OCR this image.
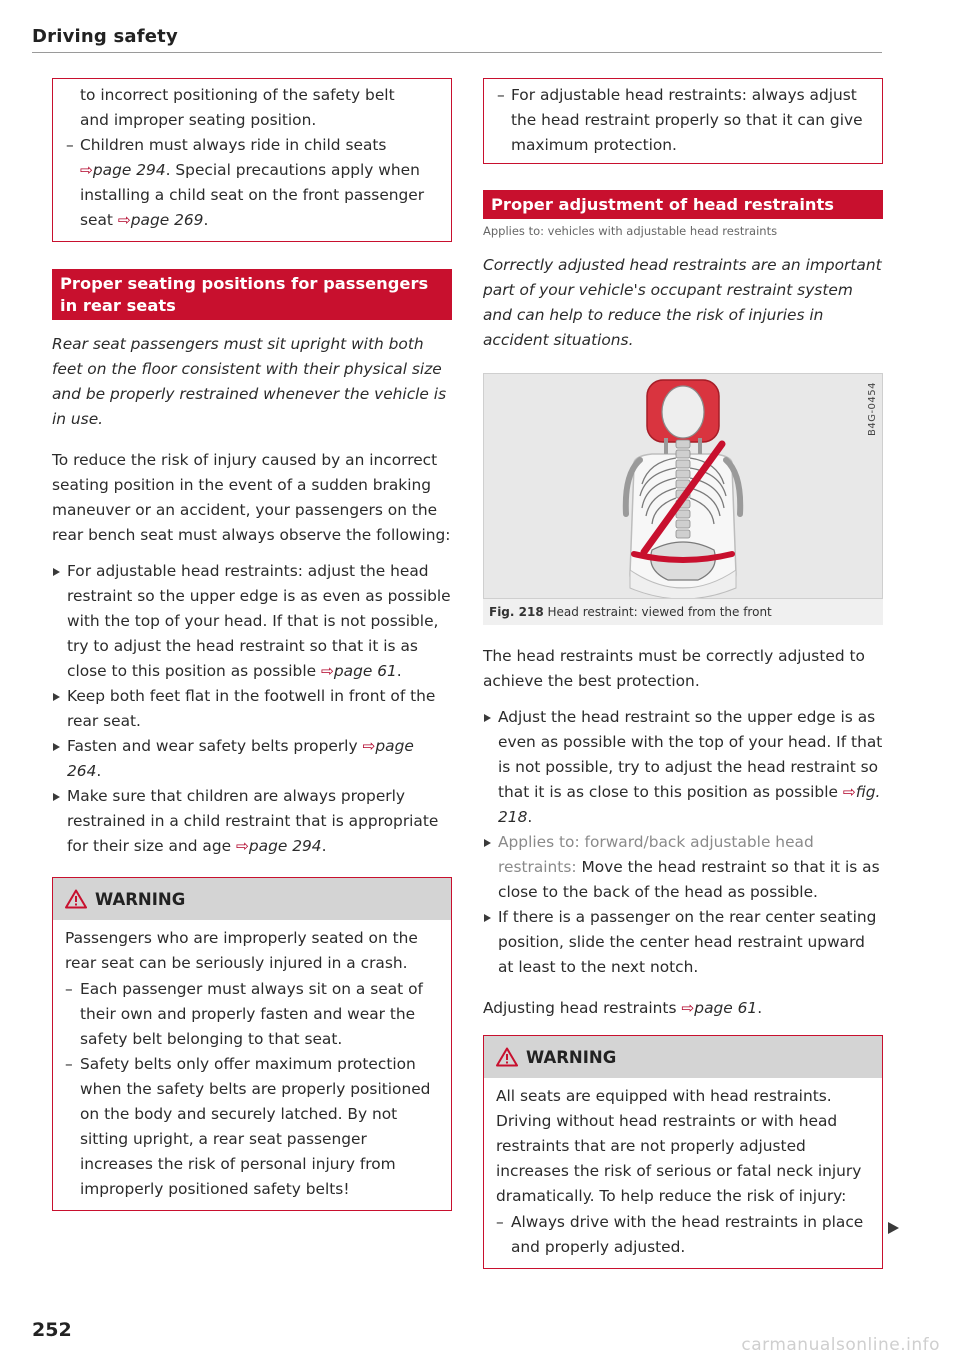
Driving safety

to incorrect positioning of the safety belt
and improper seating position.

– Children must always ride in child seats ⇨page 294. Special precautions apply when installing a child seat on the front passenger seat ⇨page 269.
Proper seating positions for passengers in rear seats

Rear seat passengers must sit upright with both feet on the floor consistent with their physical size and be properly restrained whenever the vehicle is in use.

To reduce the risk of injury caused by an incorrect seating position in the event of a sudden braking maneuver or an accident, your passengers on the rear bench seat must always observe the following:

For adjustable head restraints: adjust the head restraint so the upper edge is as even as possible with the top of your head. If that is not possible, try to adjust the head restraint so that it is as close to this position as possible ⇨page 61.
Keep both feet flat in the footwell in front of the rear seat.
Fasten and wear safety belts properly ⇨page 264.
Make sure that children are always properly restrained in a child restraint that is appropriate for their size and age ⇨page 294.
WARNING

Passengers who are improperly seated on the rear seat can be seriously injured in a crash.

– Each passenger must always sit on a seat of their own and properly fasten and wear the safety belt belonging to that seat.
– Safety belts only offer maximum protection when the safety belts are properly positioned on the body and securely latched. By not sitting upright, a rear seat passenger increases the risk of personal injury from improperly positioned safety belts!
– For adjustable head restraints: always adjust the head restraint properly so that it can give maximum protection.
Proper adjustment of head restraints
Applies to: vehicles with adjustable head restraints

Correctly adjusted head restraints are an important part of your vehicle's occupant restraint system and can help to reduce the risk of injuries in accident situations.

B4G-0454
Fig. 218 Head restraint: viewed from the front

The head restraints must be correctly adjusted to achieve the best protection.

Adjust the head restraint so the upper edge is as even as possible with the top of your head. If that is not possible, try to adjust the head restraint so that it is as close to this position as possible ⇨fig. 218.
Applies to: forward/back adjustable head restraints: Move the head restraint so that it is as close to the back of the head as possible.
If there is a passenger on the rear center seating position, slide the center head restraint upward at least to the next notch.

Adjusting head restraints ⇨page 61.

WARNING

All seats are equipped with head restraints. Driving without head restraints or with head restraints that are not properly adjusted increases the risk of serious or fatal neck injury dramatically. To help reduce the risk of injury:

– Always drive with the head restraints in place and properly adjusted.
252
carmanualsonline.info
